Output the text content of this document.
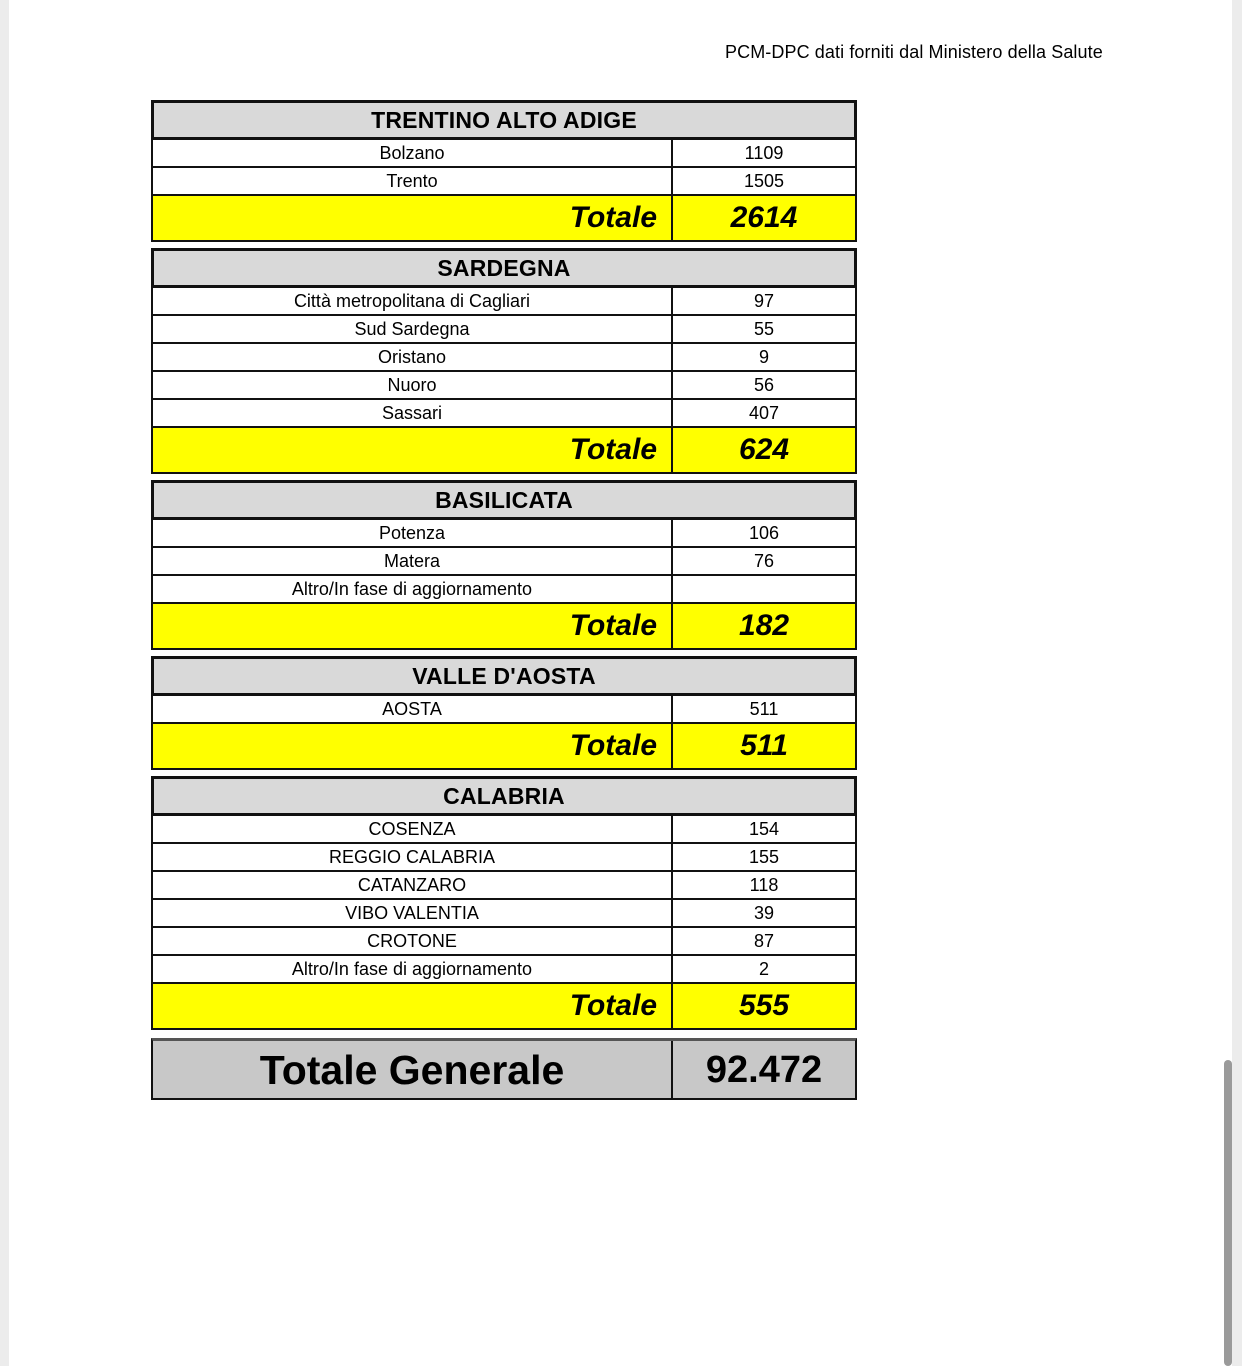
PCM-DPC dati forniti dal Ministero della Salute
TRENTINO ALTO ADIGE
Bolzano	1109
Trento	1505
Totale	2614
SARDEGNA
Città metropolitana di Cagliari	97
Sud Sardegna	55
Oristano	9
Nuoro	56
Sassari	407
Totale	624
BASILICATA
Potenza	106
Matera	76
Altro/In fase di aggiornamento
Totale	182
VALLE D'AOSTA
AOSTA	511
Totale	511
CALABRIA
COSENZA	154
REGGIO CALABRIA	155
CATANZARO	118
VIBO VALENTIA	39
CROTONE	87
Altro/In fase di aggiornamento	2
Totale	555
Totale Generale	92.472
